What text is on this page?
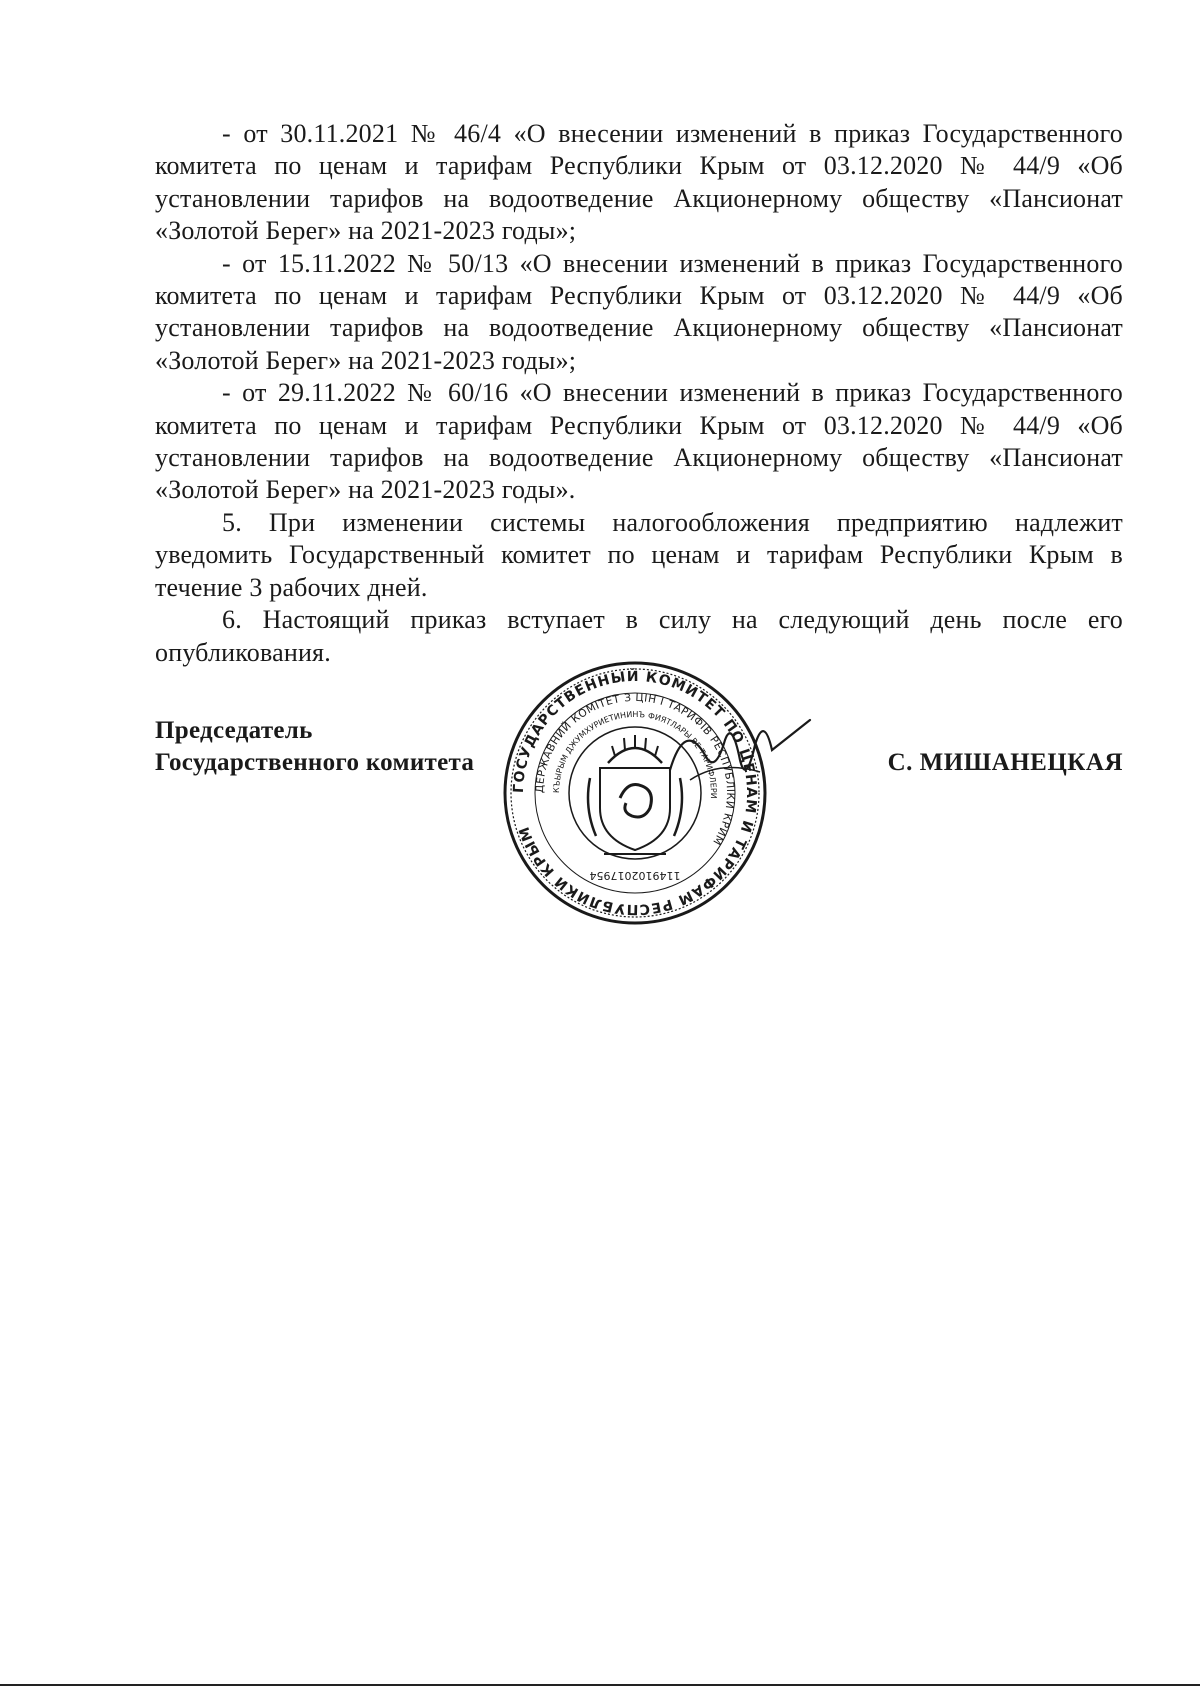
- от 30.11.2021 № 46/4 «О внесении изменений в приказ Государственного комитета по ценам и тарифам Республики Крым от 03.12.2020 № 44/9 «Об установлении тарифов на водоотведение Акционерному обществу «Пансионат «Золотой Берег» на 2021-2023 годы»;

- от 15.11.2022 № 50/13 «О внесении изменений в приказ Государственного комитета по ценам и тарифам Республики Крым от 03.12.2020 № 44/9 «Об установлении тарифов на водоотведение Акционерному обществу «Пансионат «Золотой Берег» на 2021-2023 годы»;

- от 29.11.2022 № 60/16 «О внесении изменений в приказ Государственного комитета по ценам и тарифам Республики Крым от 03.12.2020 № 44/9 «Об установлении тарифов на водоотведение Акционерному обществу «Пансионат «Золотой Берег» на 2021-2023 годы».

5. При изменении системы налогообложения предприятию надлежит уведомить Государственный комитет по ценам и тарифам Республики Крым в течение 3 рабочих дней.

6. Настоящий приказ вступает в силу на следующий день после его опубликования.

Председатель
Государственного комитета
ГОСУДАРСТВЕННЫЙ КОМИТЕТ ПО ЦЕНАМ И ТАРИФАМ РЕСПУБЛИКИ КРЫМ
ДЕРЖАВНИЙ КОМІТЕТ З ЦІН І ТАРИФІВ РЕСПУБЛІКИ КРИМ
КЪЫРЫМ ДЖУМХУРИЕТИНИНЪ ФИЯТЛАРЫ ВЕ ТАРИФЛЕРИ
1149102017954
С. МИШАНЕЦКАЯ
